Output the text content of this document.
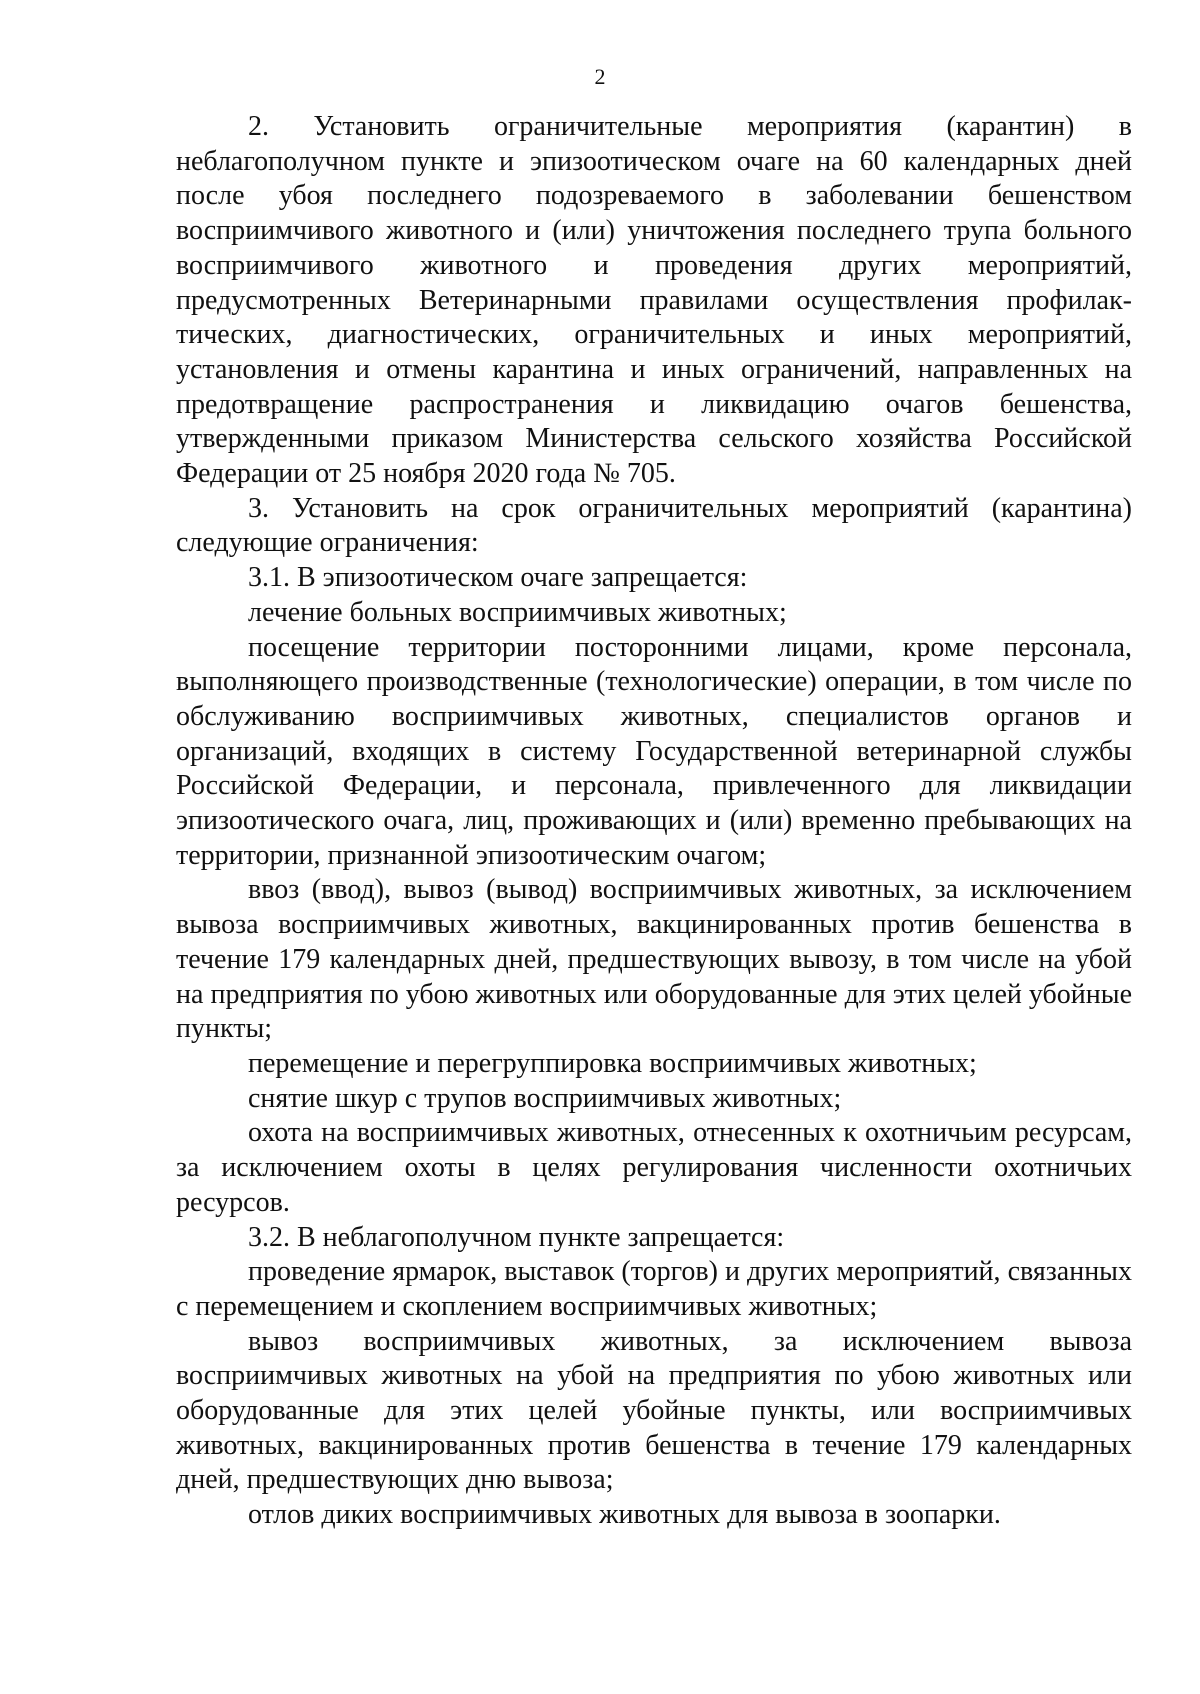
2

2. Установить ограничительные мероприятия (карантин) в неблагополучном пункте и эпизоотическом очаге на 60 календарных дней после убоя последнего подозреваемого в заболевании бешенством восприимчивого животного и (или) уничтожения последнего трупа больного восприимчивого животного и проведения других мероприятий, предусмотренных Ветеринарными правилами осуществления профилак-тических, диагностических, ограничительных и иных мероприятий, установления и отмены карантина и иных ограничений, направленных на предотвращение распространения и ликвидацию очагов бешенства, утвержденными приказом Министерства сельского хозяйства Российской Федерации от 25 ноября 2020 года № 705.

3. Установить на срок ограничительных мероприятий (карантина) следующие ограничения:

3.1. В эпизоотическом очаге запрещается:

лечение больных восприимчивых животных;

посещение территории посторонними лицами, кроме персонала, выполняющего производственные (технологические) операции, в том числе по обслуживанию восприимчивых животных, специалистов органов и организаций, входящих в систему Государственной ветеринарной службы Российской Федерации, и персонала, привлеченного для ликвидации эпизоотического очага, лиц, проживающих и (или) временно пребывающих на территории, признанной эпизоотическим очагом;

ввоз (ввод), вывоз (вывод) восприимчивых животных, за исключением вывоза восприимчивых животных, вакцинированных против бешенства в течение 179 календарных дней, предшествующих вывозу, в том числе на убой на предприятия по убою животных или оборудованные для этих целей убойные пункты;

перемещение и перегруппировка восприимчивых животных;

снятие шкур с трупов восприимчивых животных;

охота на восприимчивых животных, отнесенных к охотничьим ресурсам, за исключением охоты в целях регулирования численности охотничьих ресурсов.

3.2. В неблагополучном пункте запрещается:

проведение ярмарок, выставок (торгов) и других мероприятий, связанных с перемещением и скоплением восприимчивых животных;

вывоз восприимчивых животных, за исключением вывоза восприимчивых животных на убой на предприятия по убою животных или оборудованные для этих целей убойные пункты, или восприимчивых животных, вакцинированных против бешенства в течение 179 календарных дней, предшествующих дню вывоза;

отлов диких восприимчивых животных для вывоза в зоопарки.
